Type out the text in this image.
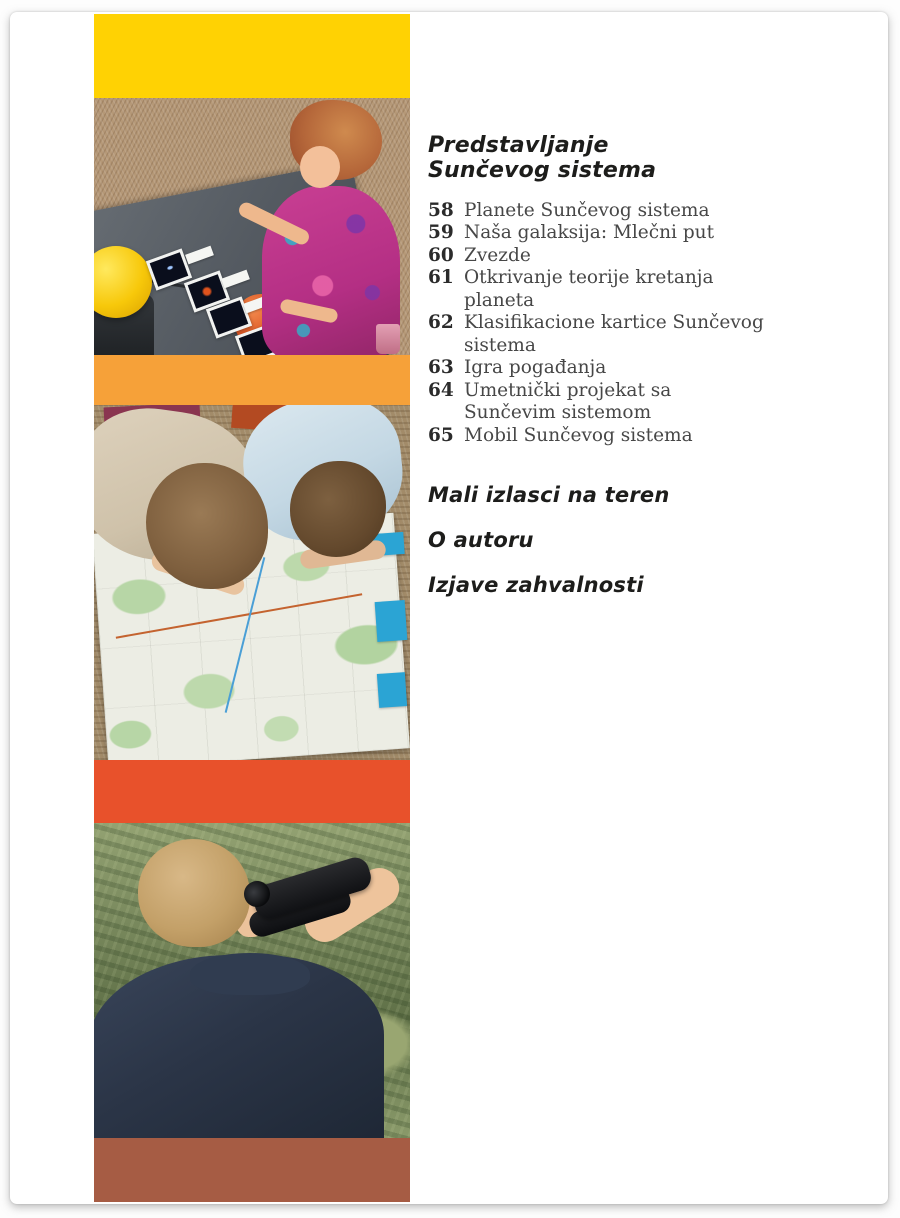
Predstavljanje Sunčevog sistema
58 Planete Sunčevog sistema
59 Naša galaksija: Mlečni put
60 Zvezde
61 Otkrivanje teorije kretanja planeta
62 Klasifikacione kartice Sunčevog sistema
63 Igra pogađanja
64 Umetnički projekat sa Sunčevim sistemom
65 Mobil Sunčevog sistema
Mali izlasci na teren
O autoru
Izjave zahvalnosti
